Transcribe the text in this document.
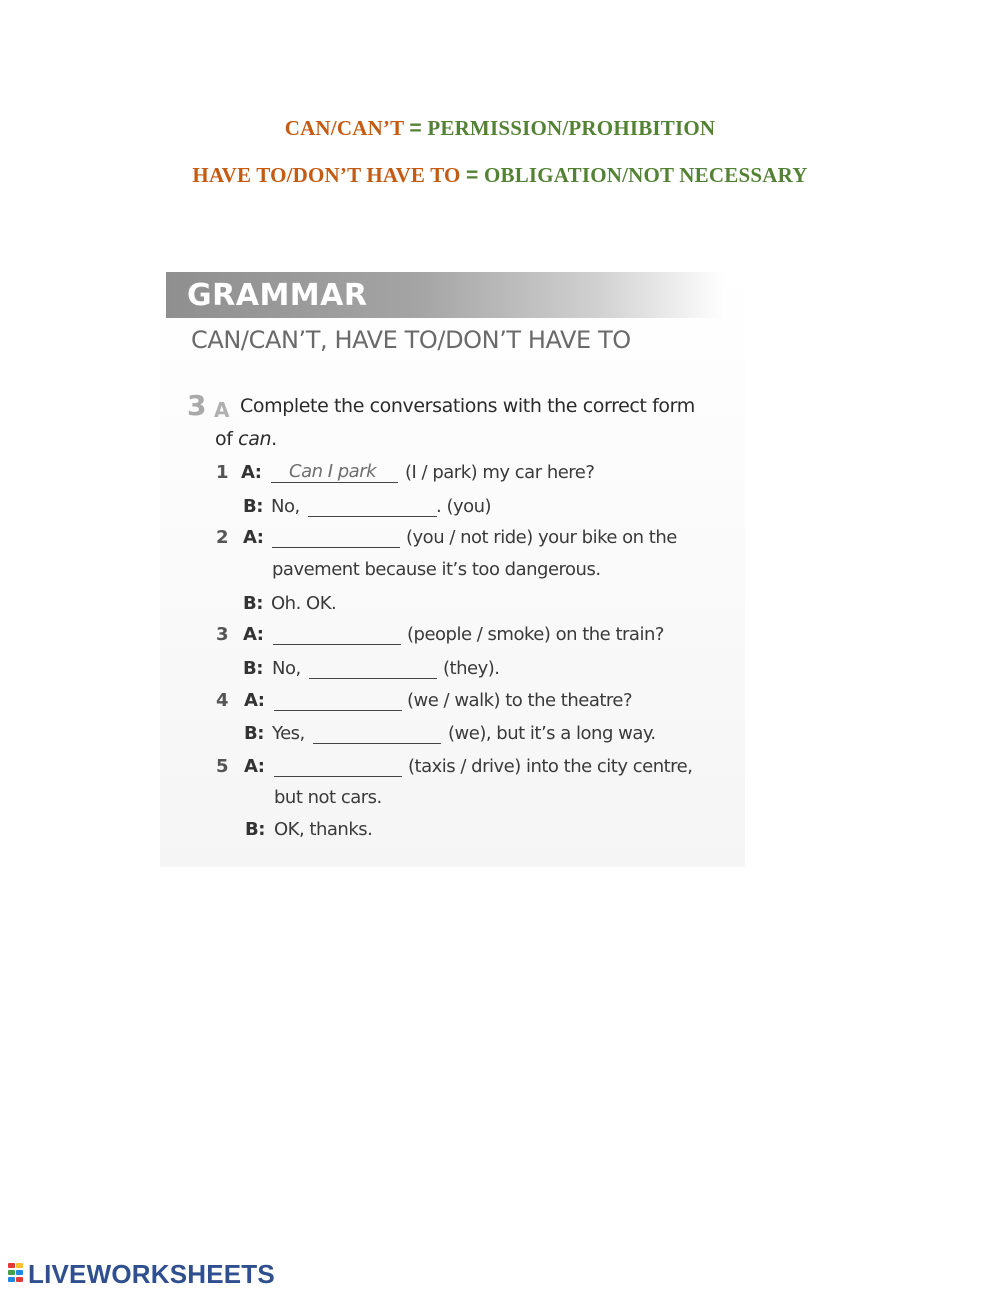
CAN/CAN’T = PERMISSION/PROHIBITION
HAVE TO/DON’T HAVE TO = OBLIGATION/NOT NECESSARY
GRAMMAR
CAN/CAN’T, HAVE TO/DON’T HAVE TO
3 A Complete the conversations with the correct form
of can.
1 A: Can I park (I / park) my car here?
B: No,	. (you)
2 A:	(you / not ride) your bike on the
pavement because it’s too dangerous.
B: Oh. OK.
3 A:	(people / smoke) on the train?
B: No,	(they).
4 A:	(we / walk) to the theatre?
B: Yes,	(we), but it’s a long way.
5 A:	(taxis / drive) into the city centre,
but not cars.
B: OK, thanks.
LIVEWORKSHEETS
